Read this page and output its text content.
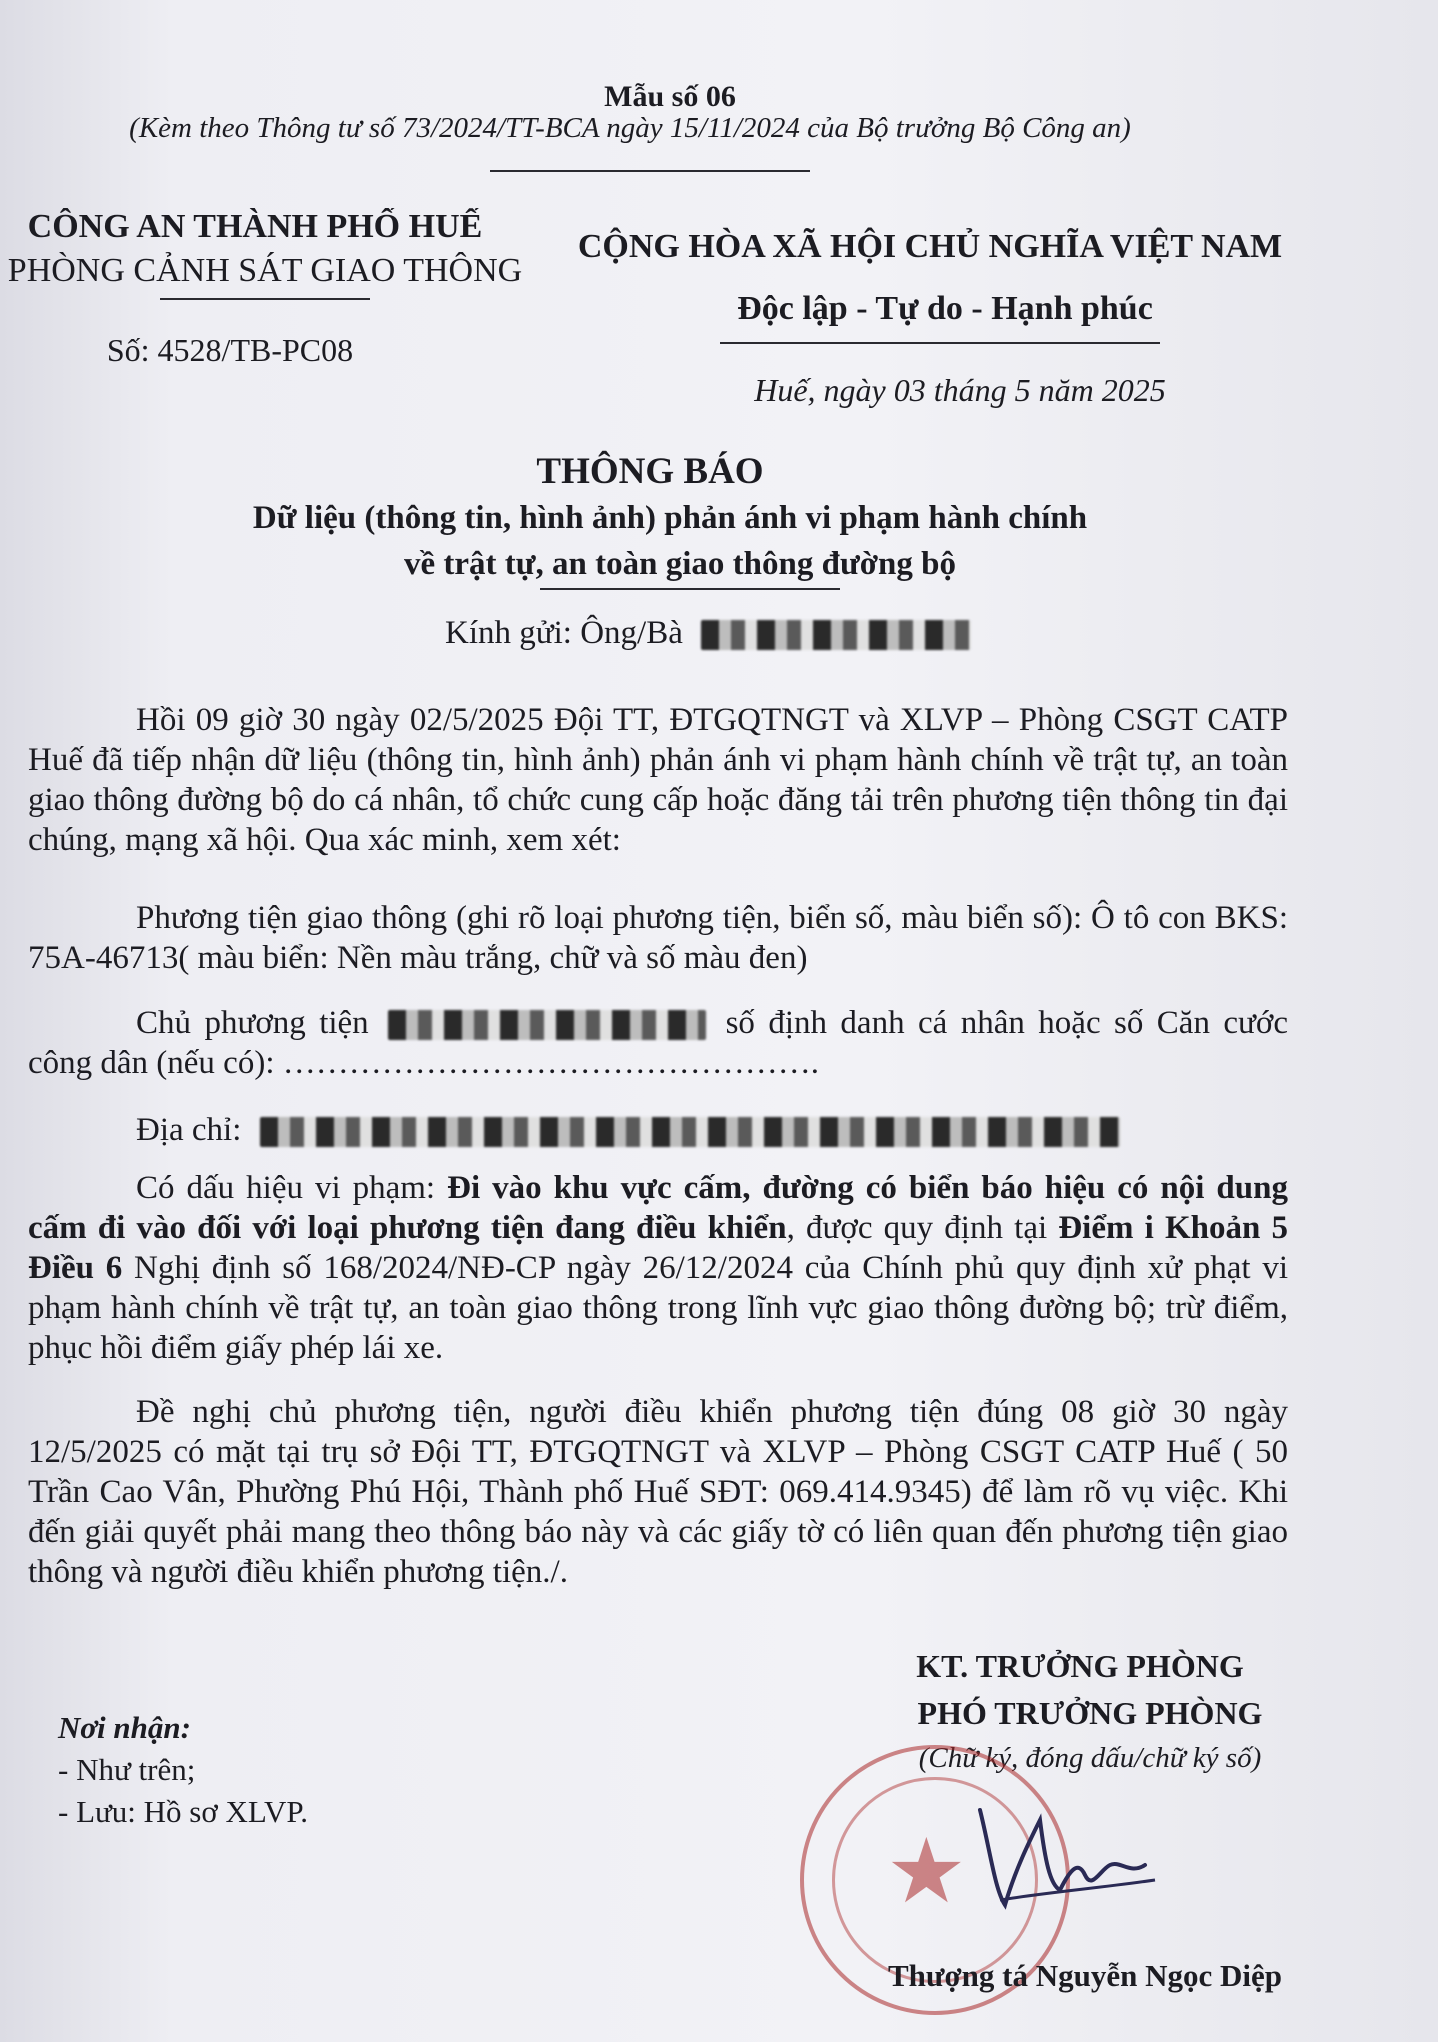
Mẫu số 06
(Kèm theo Thông tư số 73/2024/TT-BCA ngày 15/11/2024 của Bộ trưởng Bộ Công an)
CÔNG AN THÀNH PHỐ HUẾ
PHÒNG CẢNH SÁT GIAO THÔNG
Số: 4528/TB-PC08
CỘNG HÒA XÃ HỘI CHỦ NGHĨA VIỆT NAM
Độc lập - Tự do - Hạnh phúc
Huế, ngày 03 tháng 5 năm 2025
THÔNG BÁO
Dữ liệu (thông tin, hình ảnh) phản ánh vi phạm hành chính
về trật tự, an toàn giao thông đường bộ
Kính gửi: Ông/Bà
Hồi 09 giờ 30 ngày 02/5/2025 Đội TT, ĐTGQTNGT và XLVP – Phòng CSGT CATP Huế đã tiếp nhận dữ liệu (thông tin, hình ảnh) phản ánh vi phạm hành chính về trật tự, an toàn giao thông đường bộ do cá nhân, tổ chức cung cấp hoặc đăng tải trên phương tiện thông tin đại chúng, mạng xã hội. Qua xác minh, xem xét:
Phương tiện giao thông (ghi rõ loại phương tiện, biển số, màu biển số): Ô tô con BKS: 75A-46713( màu biển: Nền màu trắng, chữ và số màu đen)
Chủ phương tiện	số định danh cá nhân hoặc số Căn cước công dân (nếu có): ………………………………………….
Địa chỉ:
Có dấu hiệu vi phạm: Đi vào khu vực cấm, đường có biển báo hiệu có nội dung cấm đi vào đối với loại phương tiện đang điều khiển, được quy định tại Điểm i Khoản 5 Điều 6 Nghị định số 168/2024/NĐ-CP ngày 26/12/2024 của Chính phủ quy định xử phạt vi phạm hành chính về trật tự, an toàn giao thông trong lĩnh vực giao thông đường bộ; trừ điểm, phục hồi điểm giấy phép lái xe.
Đề nghị chủ phương tiện, người điều khiển phương tiện đúng 08 giờ 30 ngày 12/5/2025 có mặt tại trụ sở Đội TT, ĐTGQTNGT và XLVP – Phòng CSGT CATP Huế ( 50 Trần Cao Vân, Phường Phú Hội, Thành phố Huế SĐT: 069.414.9345) để làm rõ vụ việc. Khi đến giải quyết phải mang theo thông báo này và các giấy tờ có liên quan đến phương tiện giao thông và người điều khiển phương tiện./.
Nơi nhận:
- Như trên;
- Lưu: Hồ sơ XLVP.
KT. TRƯỞNG PHÒNG
PHÓ TRƯỞNG PHÒNG
(Chữ ký, đóng dấu/chữ ký số)
★
Thượng tá Nguyễn Ngọc Diệp
